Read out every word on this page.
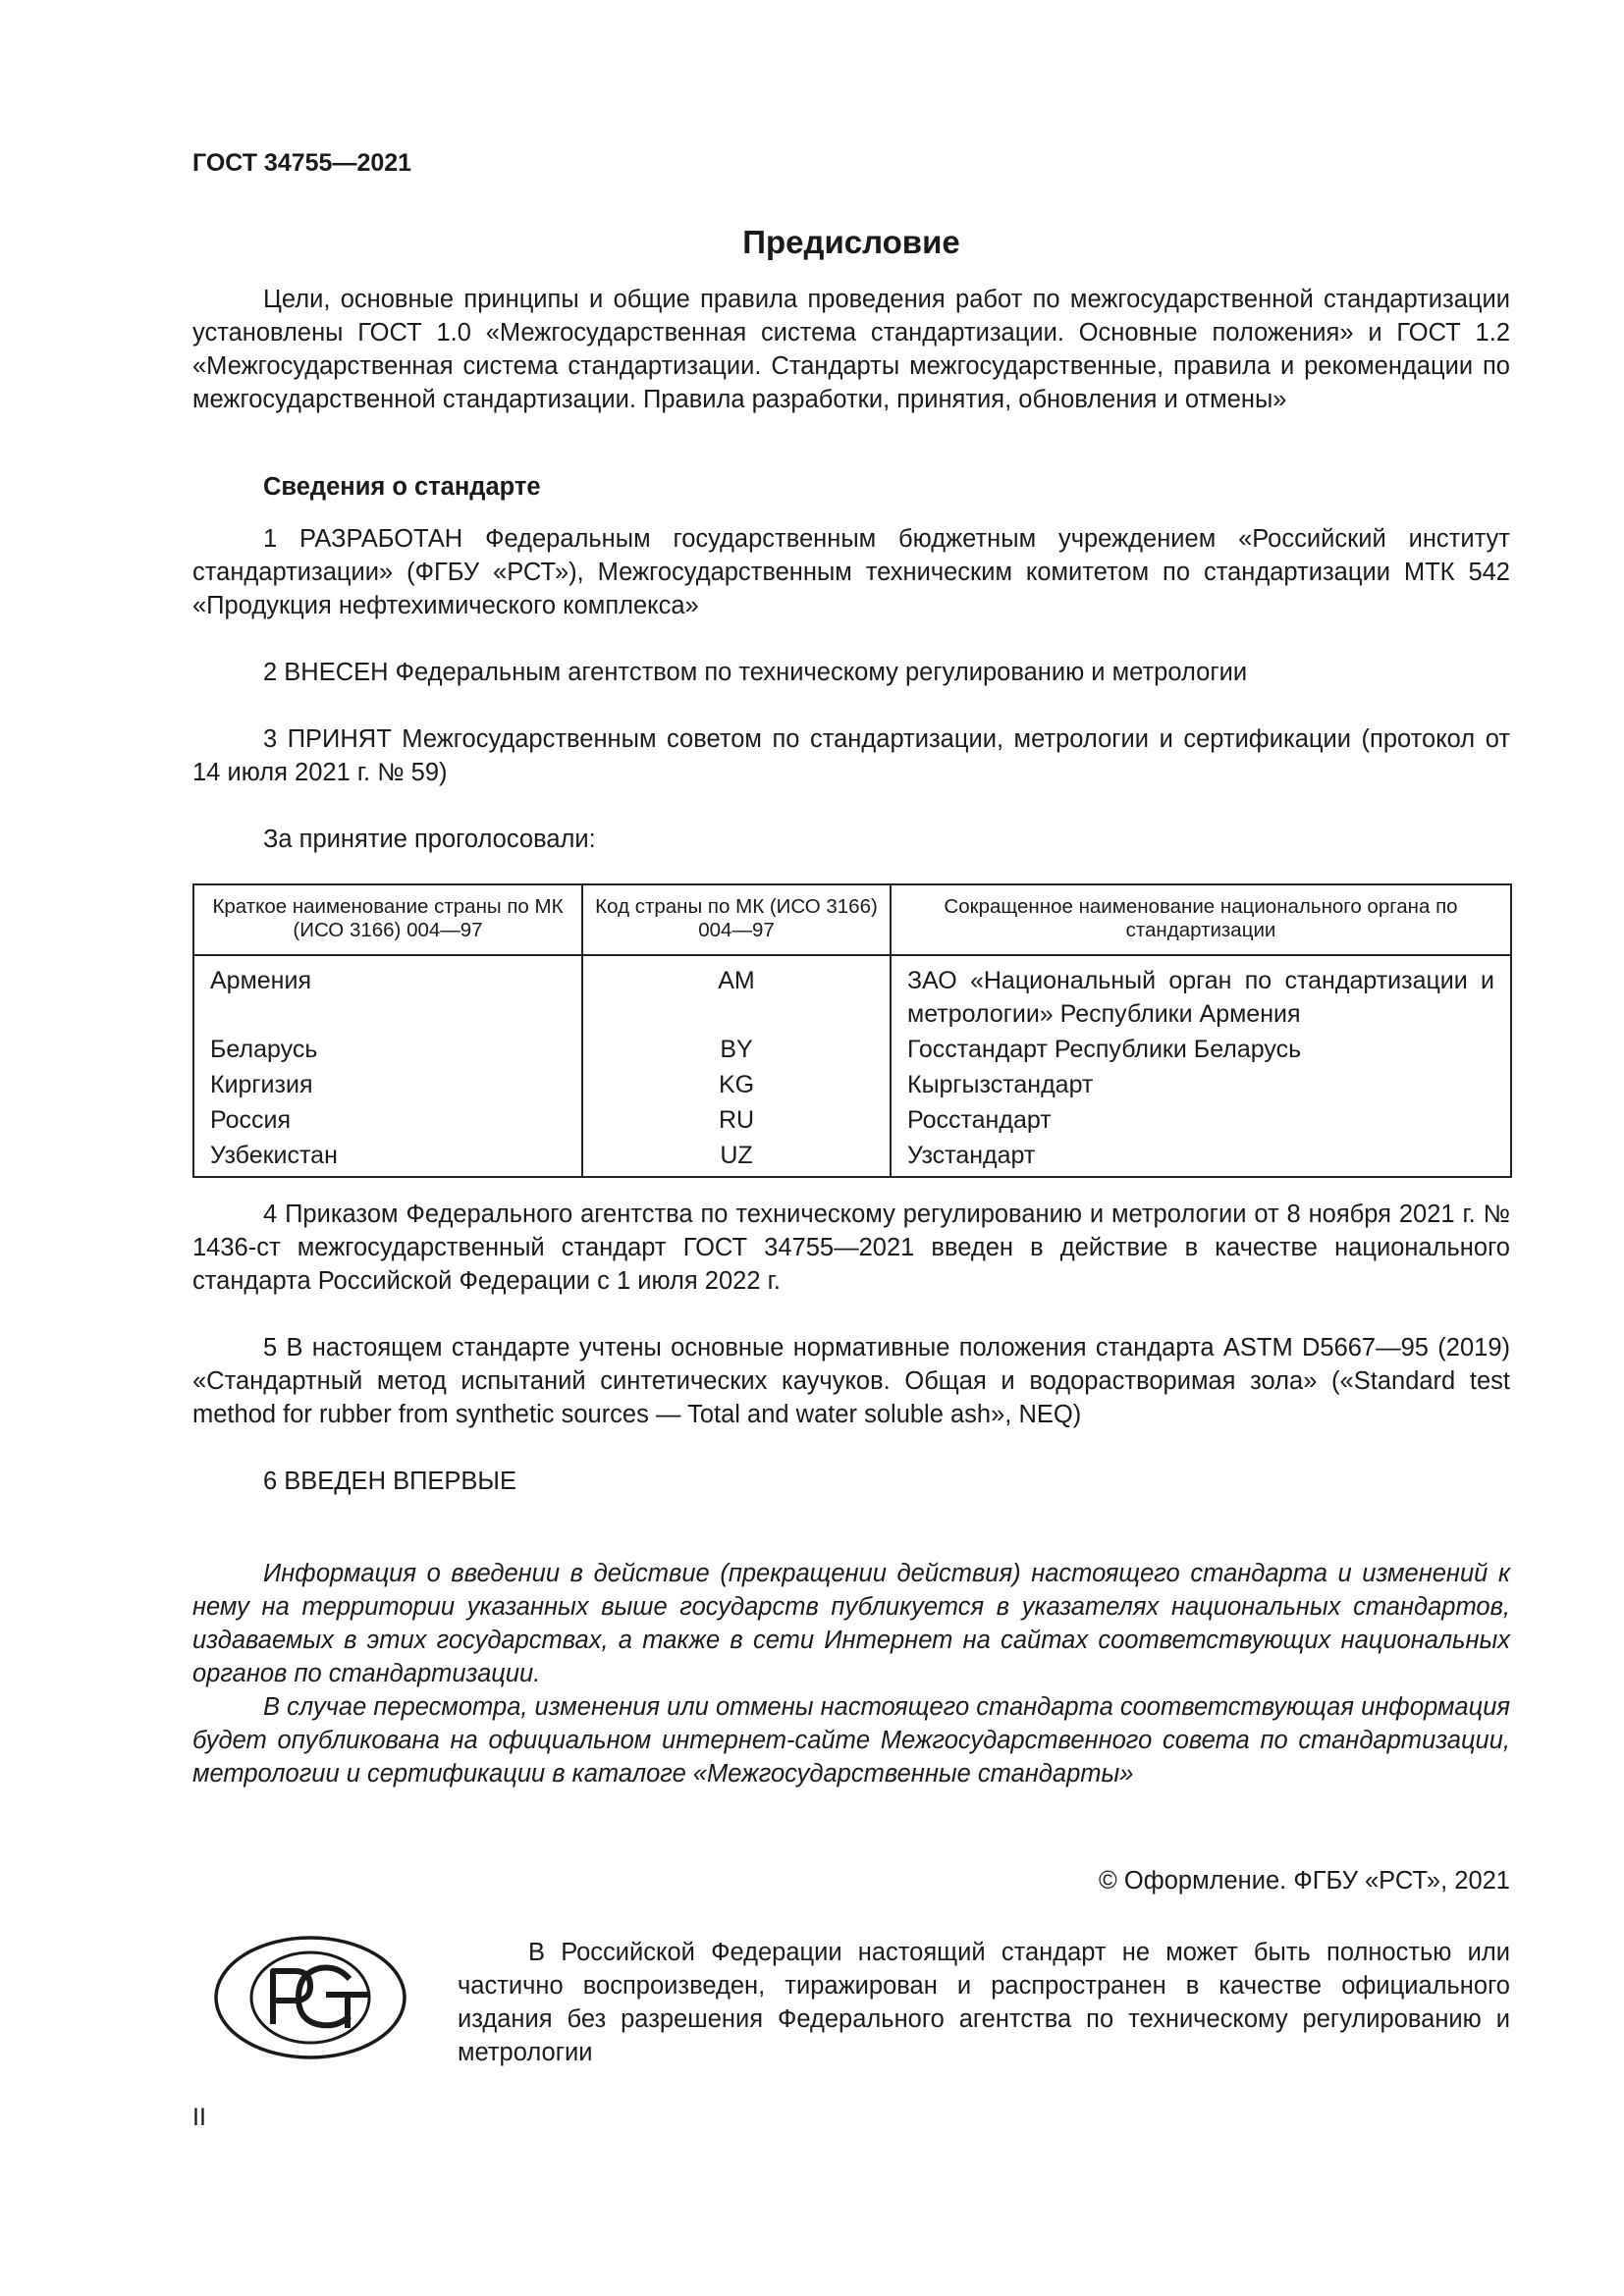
ГОСТ 34755—2021
Предисловие

Цели, основные принципы и общие правила проведения работ по межгосударственной стандартизации установлены ГОСТ 1.0 «Межгосударственная система стандартизации. Основные положения» и ГОСТ 1.2 «Межгосударственная система стандартизации. Стандарты межгосударственные, правила и рекомендации по межгосударственной стандартизации. Правила разработки, принятия, обновления и отмены»

Сведения о стандарте

1 РАЗРАБОТАН Федеральным государственным бюджетным учреждением «Российский институт стандартизации» (ФГБУ «РСТ»), Межгосударственным техническим комитетом по стандартизации МТК 542 «Продукция нефтехимического комплекса»

2 ВНЕСЕН Федеральным агентством по техническому регулированию и метрологии

3 ПРИНЯТ Межгосударственным советом по стандартизации, метрологии и сертификации (протокол от 14 июля 2021 г. № 59)

За принятие проголосовали:

Краткое наименование страны по МК (ИСО 3166) 004—97	Код страны по МК (ИСО 3166) 004—97	Сокращенное наименование национального органа по стандартизации
Армения	AM	ЗАО «Национальный орган по стандартизации и метрологии» Республики Армения
Беларусь	BY	Госстандарт Республики Беларусь
Киргизия	KG	Кыргызстандарт
Россия	RU	Росстандарт
Узбекистан	UZ	Узстандарт

4 Приказом Федерального агентства по техническому регулированию и метрологии от 8 ноября 2021 г. № 1436-ст межгосударственный стандарт ГОСТ 34755—2021 введен в действие в качестве национального стандарта Российской Федерации с 1 июля 2022 г.

5 В настоящем стандарте учтены основные нормативные положения стандарта ASTM D5667—95 (2019) «Стандартный метод испытаний синтетических каучуков. Общая и водорастворимая зола» («Standard test method for rubber from synthetic sources — Total and water soluble ash», NEQ)

6 ВВЕДЕН ВПЕРВЫЕ

Информация о введении в действие (прекращении действия) настоящего стандарта и изменений к нему на территории указанных выше государств публикуется в указателях национальных стандартов, издаваемых в этих государствах, а также в сети Интернет на сайтах соответствующих национальных органов по стандартизации.

В случае пересмотра, изменения или отмены настоящего стандарта соответствующая информация будет опубликована на официальном интернет-сайте Межгосударственного совета по стандартизации, метрологии и сертификации в каталоге «Межгосударственные стандарты»

© Оформление. ФГБУ «РСТ», 2021

В Российской Федерации настоящий стандарт не может быть полностью или частично воспроизведен, тиражирован и распространен в качестве официального издания без разрешения Федерального агентства по техническому регулированию и метрологии

II
